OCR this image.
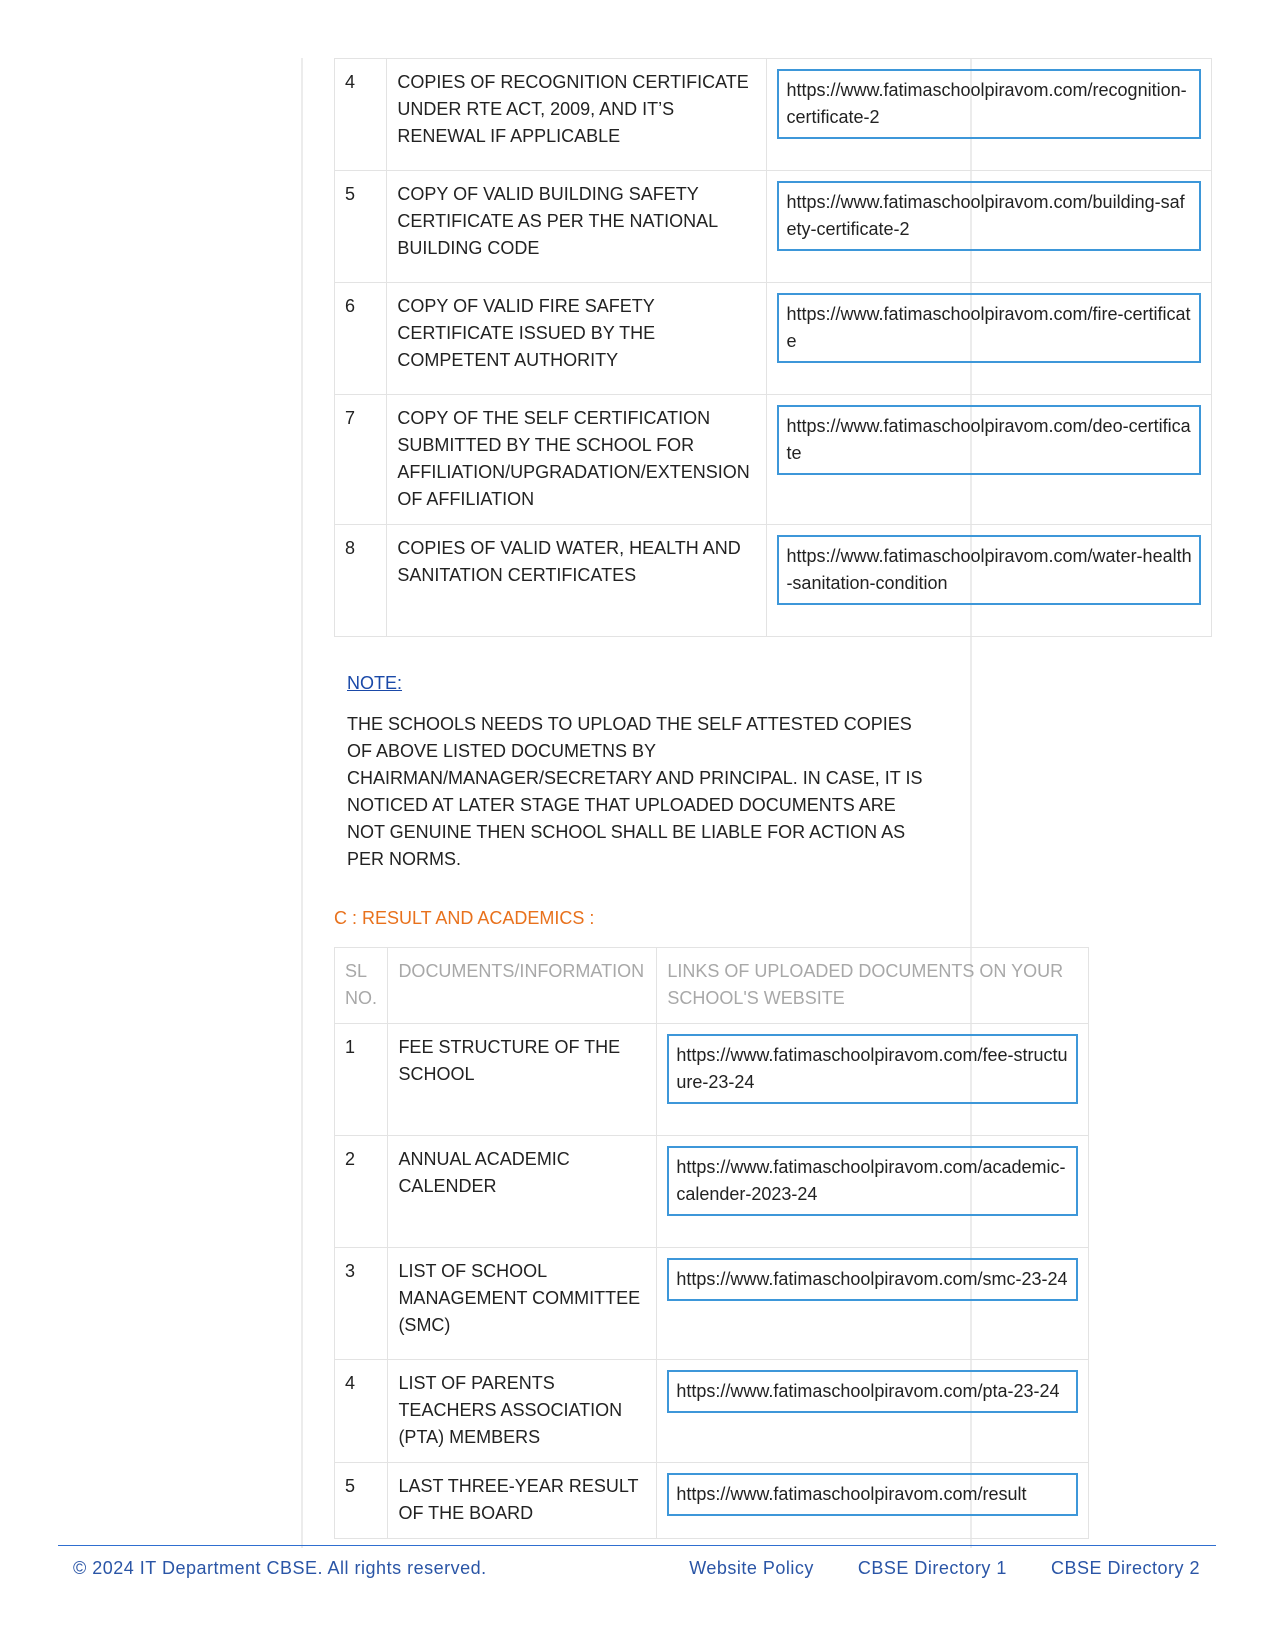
4	COPIES OF RECOGNITION CERTIFICATE UNDER RTE ACT, 2009, AND IT’S RENEWAL IF APPLICABLE	https://www.fatimaschoolpiravom.com/recognition-certificate-2

5	COPY OF VALID BUILDING SAFETY CERTIFICATE AS PER THE NATIONAL BUILDING CODE	https://www.fatimaschoolpiravom.com/building-safety-certificate-2

6	COPY OF VALID FIRE SAFETY CERTIFICATE ISSUED BY THE COMPETENT AUTHORITY	https://www.fatimaschoolpiravom.com/fire-certificate

7	COPY OF THE SELF CERTIFICATION SUBMITTED BY THE SCHOOL FOR AFFILIATION/UPGRADATION/EXTENSION OF AFFILIATION	https://www.fatimaschoolpiravom.com/deo-certificate

8	COPIES OF VALID WATER, HEALTH AND SANITATION CERTIFICATES	https://www.fatimaschoolpiravom.com/water-health-sanitation-condition
NOTE:
THE SCHOOLS NEEDS TO UPLOAD THE SELF ATTESTED COPIES OF ABOVE LISTED DOCUMETNS BY CHAIRMAN/MANAGER/SECRETARY AND PRINCIPAL. IN CASE, IT IS NOTICED AT LATER STAGE THAT UPLOADED DOCUMENTS ARE NOT GENUINE THEN SCHOOL SHALL BE LIABLE FOR ACTION AS PER NORMS.
C : RESULT AND ACADEMICS :
SL NO.	DOCUMENTS/INFORMATION	LINKS OF UPLOADED DOCUMENTS ON YOUR SCHOOL'S WEBSITE
1	FEE STRUCTURE OF THE SCHOOL	https://www.fatimaschoolpiravom.com/fee-structuure-23-24

2	ANNUAL ACADEMIC CALENDER	https://www.fatimaschoolpiravom.com/academic-calender-2023-24

3	LIST OF SCHOOL MANAGEMENT COMMITTEE (SMC)	https://www.fatimaschoolpiravom.com/smc-23-24

4	LIST OF PARENTS TEACHERS ASSOCIATION (PTA) MEMBERS	https://www.fatimaschoolpiravom.com/pta-23-24

5	LAST THREE-YEAR RESULT OF THE BOARD	https://www.fatimaschoolpiravom.com/result
© 2024 IT Department CBSE. All rights reserved.	Website Policy CBSE Directory 1 CBSE Directory 2
